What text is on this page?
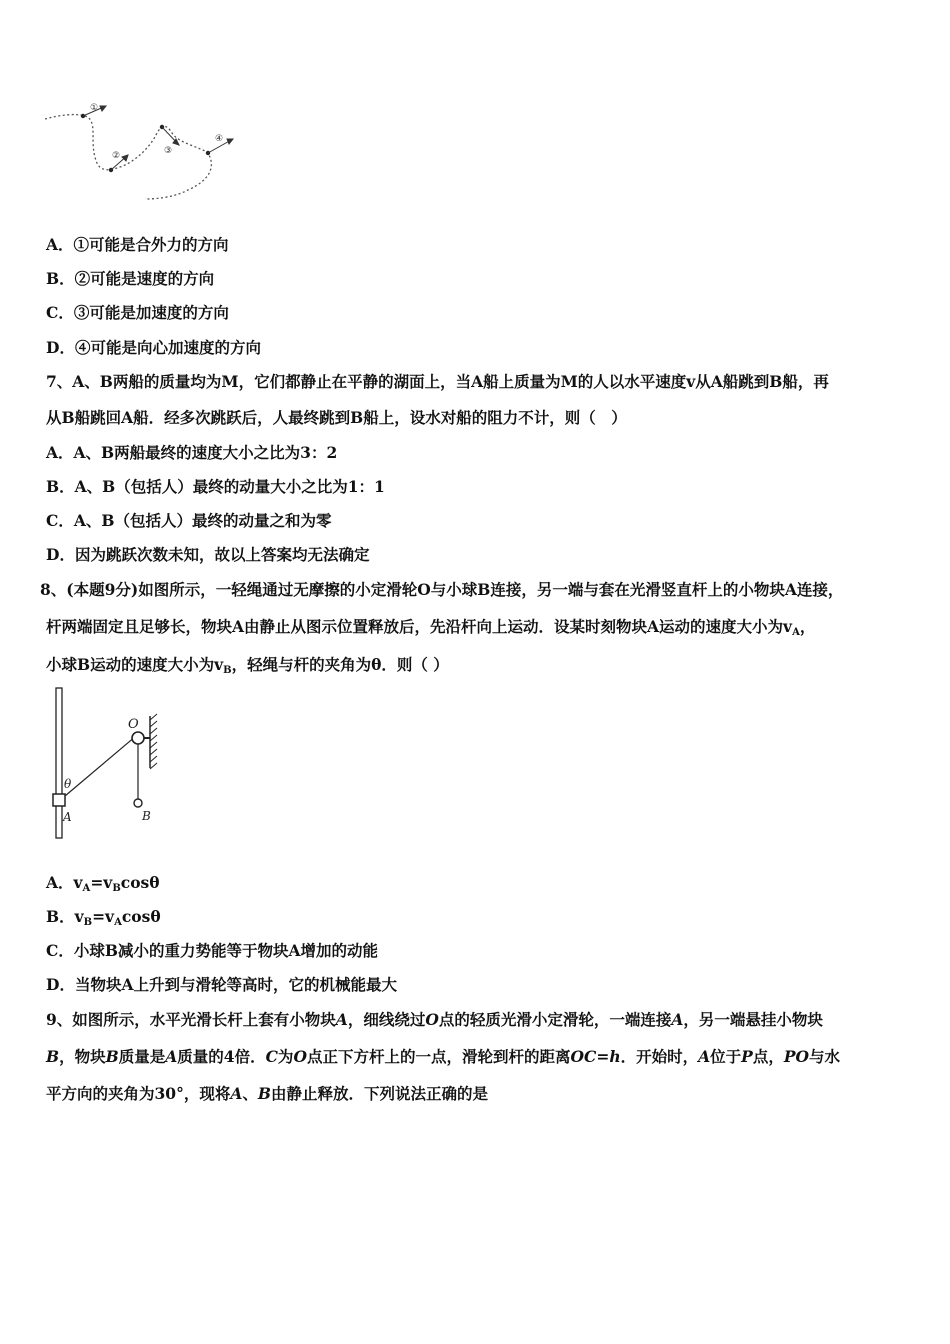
①
②	③
④
A．①可能是合外力的方向
B．②可能是速度的方向
C．③可能是加速度的方向
D．④可能是向心加速度的方向
7、A、B两船的质量均为M，它们都静止在平静的湖面上，当A船上质量为M的人以水平速度v从A船跳到B船，再
从B船跳回A船．经多次跳跃后，人最终跳到B船上，设水对船的阻力不计，则（　）
A．A、B两船最终的速度大小之比为3：2
B．A、B（包括人）最终的动量大小之比为1：1
C．A、B（包括人）最终的动量之和为零
D．因为跳跃次数未知，故以上答案均无法确定
8、(本题9分)如图所示，一轻绳通过无摩擦的小定滑轮O与小球B连接，另一端与套在光滑竖直杆上的小物块A连接，
杆两端固定且足够长，物块A由静止从图示位置释放后，先沿杆向上运动．设某时刻物块A运动的速度大小为$v_A$，
小球B运动的速度大小为$v_B$，轻绳与杆的夹角为θ．则（ ）
O
θ
A	B
A．$v_A=v_B\cos\theta$
B．$v_B=v_A\cos\theta$
C．小球B减小的重力势能等于物块A增加的动能
D．当物块A上升到与滑轮等高时，它的机械能最大
9、如图所示，水平光滑长杆上套有小物块A，细线绕过O点的轻质光滑小定滑轮，一端连接A，另一端悬挂小物块
B，物块B质量是A质量的4倍．C为O点正下方杆上的一点，滑轮到杆的距离OC=h．开始时，A位于P点，PO与水
平方向的夹角为30°，现将A、B由静止释放．下列说法正确的是
